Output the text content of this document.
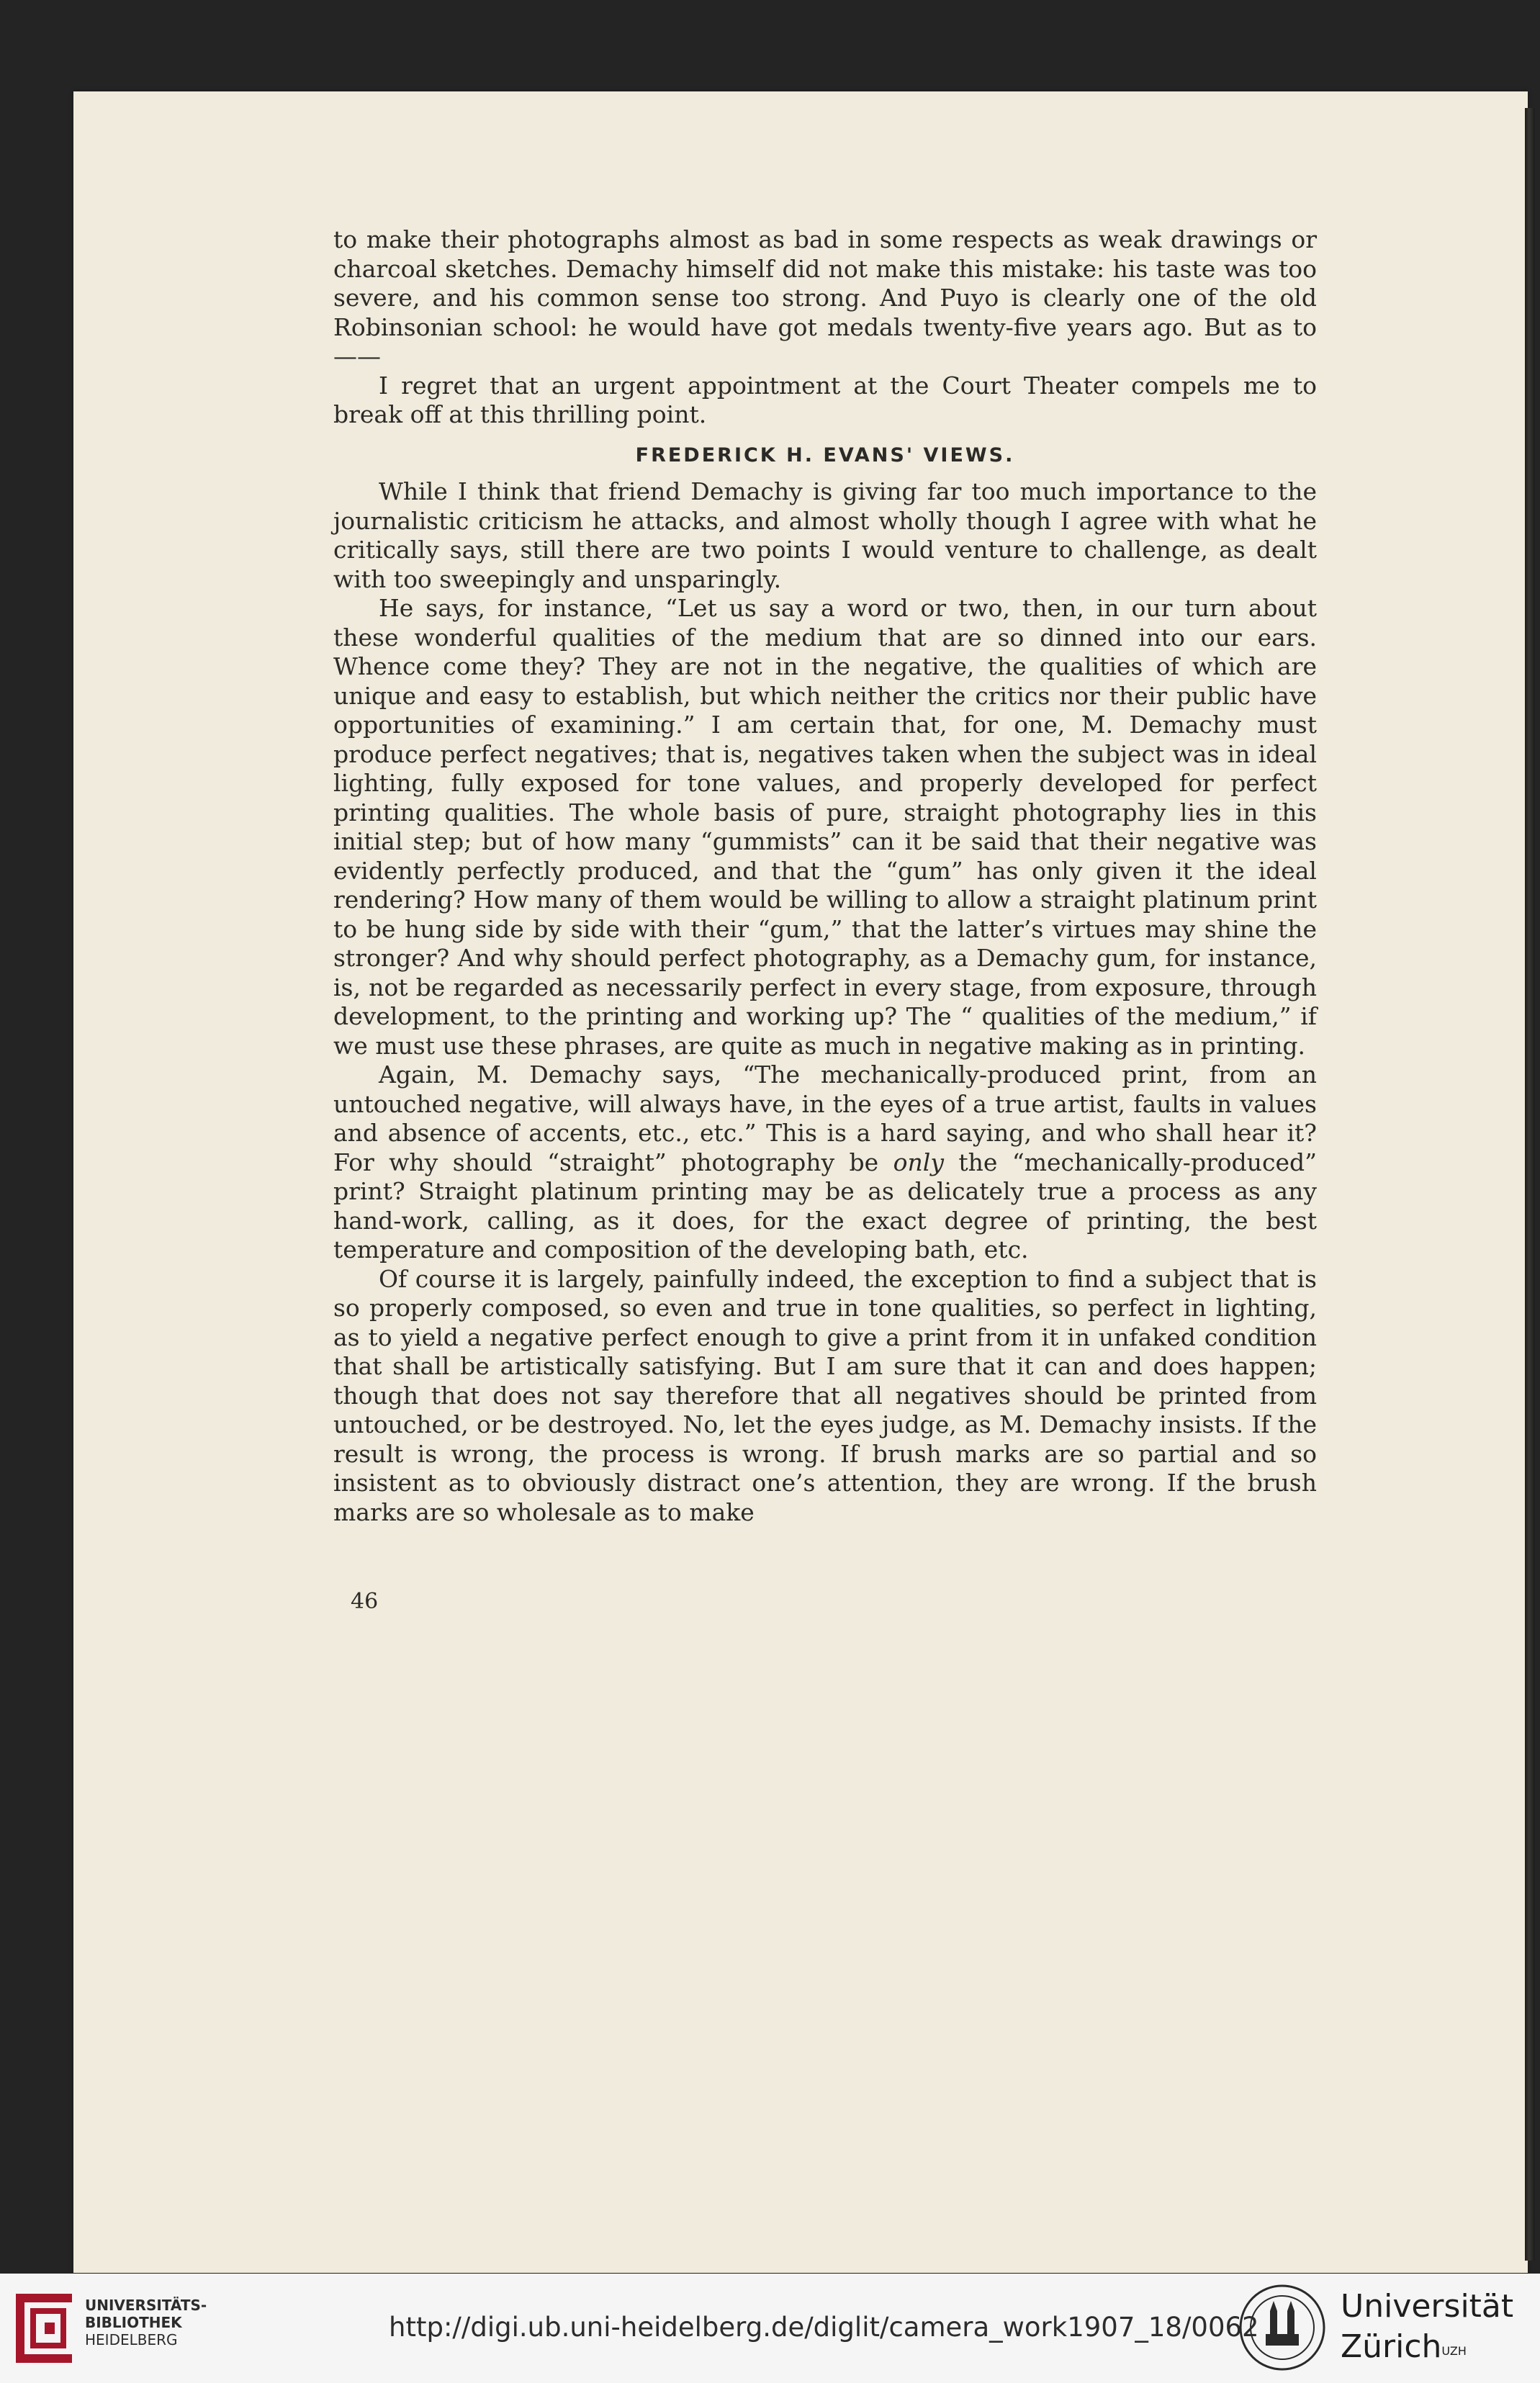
to make their photographs almost as bad in some respects as weak drawings or charcoal sketches. Demachy himself did not make this mistake: his taste was too severe, and his common sense too strong. And Puyo is clearly one of the old Robinsonian school: he would have got medals twenty-five years ago. But as to——

I regret that an urgent appointment at the Court Theater compels me to break off at this thrilling point.

FREDERICK H. EVANS' VIEWS.

While I think that friend Demachy is giving far too much importance to the journalistic criticism he attacks, and almost wholly though I agree with what he critically says, still there are two points I would venture to challenge, as dealt with too sweepingly and unsparingly.

He says, for instance, “Let us say a word or two, then, in our turn about these wonderful qualities of the medium that are so dinned into our ears. Whence come they? They are not in the negative, the qualities of which are unique and easy to establish, but which neither the critics nor their public have opportunities of examining.” I am certain that, for one, M. Demachy must produce perfect negatives; that is, negatives taken when the subject was in ideal lighting, fully exposed for tone values, and properly developed for perfect printing qualities. The whole basis of pure, straight photography lies in this initial step; but of how many “gummists” can it be said that their negative was evidently perfectly produced, and that the “gum” has only given it the ideal rendering? How many of them would be willing to allow a straight platinum print to be hung side by side with their “gum,” that the latter’s virtues may shine the stronger? And why should perfect photography, as a Demachy gum, for instance, is, not be regarded as necessarily perfect in every stage, from exposure, through development, to the printing and working up? The “ qualities of the medium,” if we must use these phrases, are quite as much in negative making as in printing.

Again, M. Demachy says, “The mechanically-produced print, from an untouched negative, will always have, in the eyes of a true artist, faults in values and absence of accents, etc., etc.” This is a hard saying, and who shall hear it? For why should “straight” photography be only the “mechanically-produced” print? Straight platinum printing may be as delicately true a process as any hand-work, calling, as it does, for the exact degree of printing, the best temperature and composition of the developing bath, etc.

Of course it is largely, painfully indeed, the exception to find a subject that is so properly composed, so even and true in tone qualities, so perfect in lighting, as to yield a negative perfect enough to give a print from it in unfaked condition that shall be artistically satisfying. But I am sure that it can and does happen; though that does not say therefore that all negatives should be printed from untouched, or be destroyed. No, let the eyes judge, as M. Demachy insists. If the result is wrong, the process is wrong. If brush marks are so partial and so insistent as to obviously distract one’s attention, they are wrong. If the brush marks are so wholesale as to make

46
UNIVERSITÄTS-
BIBLIOTHEK
HEIDELBERG	http://digi.ub.uni-heidelberg.de/diglit/camera_work1907_18/0062
Universität
Zürich$^{UZH}$
